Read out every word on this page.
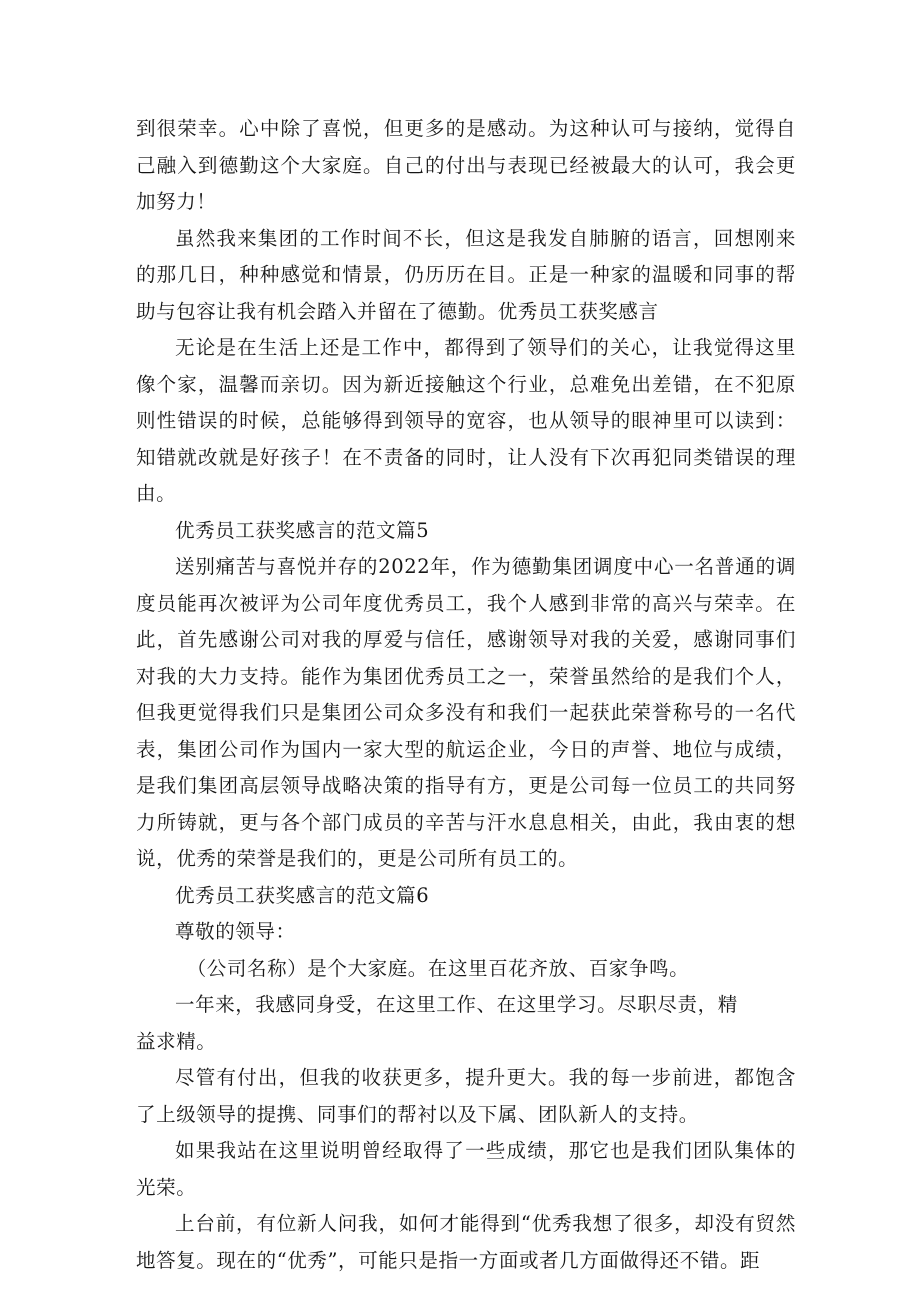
到很荣幸。心中除了喜悦，但更多的是感动。为这种认可与接纳，觉得自己融入到德勤这个大家庭。自己的付出与表现已经被最大的认可，我会更加努力！

虽然我来集团的工作时间不长，但这是我发自肺腑的语言，回想刚来的那几日，种种感觉和情景，仍历历在目。正是一种家的温暖和同事的帮助与包容让我有机会踏入并留在了德勤。优秀员工获奖感言

无论是在生活上还是工作中，都得到了领导们的关心，让我觉得这里像个家，温馨而亲切。因为新近接触这个行业，总难免出差错，在不犯原则性错误的时候，总能够得到领导的宽容，也从领导的眼神里可以读到：知错就改就是好孩子！在不责备的同时，让人没有下次再犯同类错误的理由。

优秀员工获奖感言的范文篇5

送别痛苦与喜悦并存的2022年，作为德勤集团调度中心一名普通的调度员能再次被评为公司年度优秀员工，我个人感到非常的高兴与荣幸。在此，首先感谢公司对我的厚爱与信任，感谢领导对我的关爱，感谢同事们对我的大力支持。能作为集团优秀员工之一，荣誉虽然给的是我们个人，但我更觉得我们只是集团公司众多没有和我们一起获此荣誉称号的一名代表，集团公司作为国内一家大型的航运企业，今日的声誉、地位与成绩，是我们集团高层领导战略决策的指导有方，更是公司每一位员工的共同努力所铸就，更与各个部门成员的辛苦与汗水息息相关，由此，我由衷的想说，优秀的荣誉是我们的，更是公司所有员工的。

优秀员工获奖感言的范文篇6

尊敬的领导：

（公司名称）是个大家庭。在这里百花齐放、百家争鸣。

一年来，我感同身受，在这里工作、在这里学习。尽职尽责，精

益求精。

尽管有付出，但我的收获更多，提升更大。我的每一步前进，都饱含了上级领导的提携、同事们的帮衬以及下属、团队新人的支持。

如果我站在这里说明曾经取得了一些成绩，那它也是我们团队集体的光荣。

上台前，有位新人问我，如何才能得到“优秀我想了很多，却没有贸然地答复。现在的“优秀”，可能只是指一方面或者几方面做得还不错。距
